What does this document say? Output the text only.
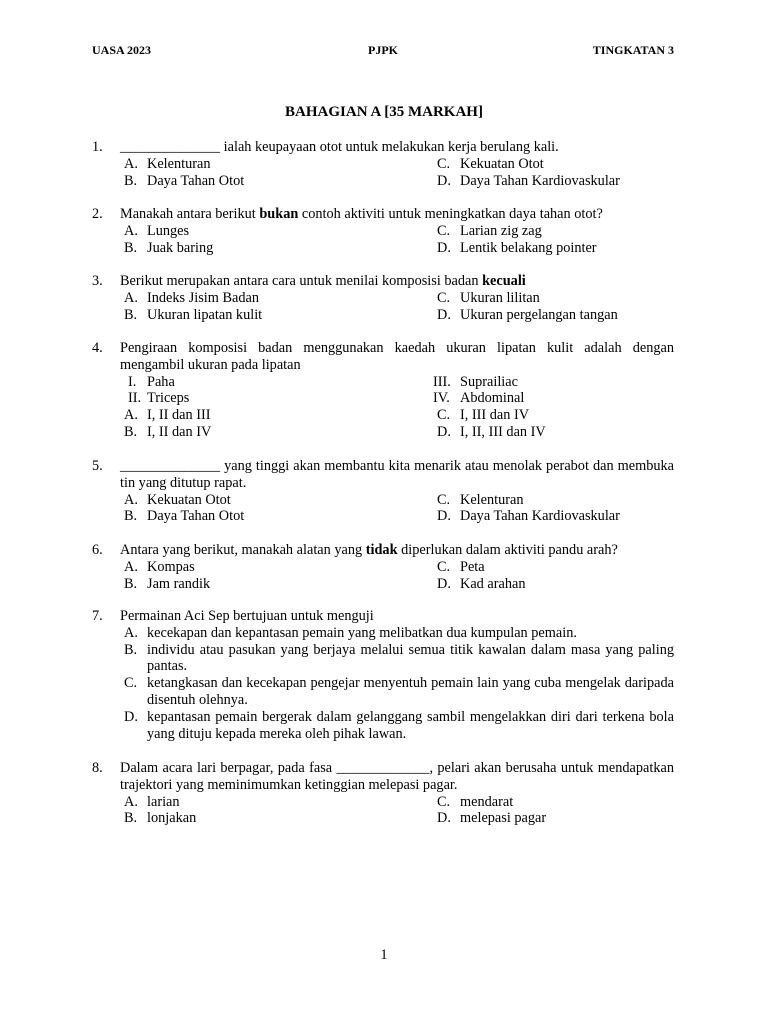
UASA 2023	PJPK	TINGKATAN 3
BAHAGIAN A [35 MARKAH]
1. ______________ ialah keupayaan otot untuk melakukan kerja berulang kali.
A. Kelenturan	C. Kekuatan Otot
B. Daya Tahan Otot	D. Daya Tahan Kardiovaskular
2. Manakah antara berikut bukan contoh aktiviti untuk meningkatkan daya tahan otot?
A. Lunges	C. Larian zig zag
B. Juak baring	D. Lentik belakang pointer
3. Berikut merupakan antara cara untuk menilai komposisi badan kecuali
A. Indeks Jisim Badan	C. Ukuran lilitan
B. Ukuran lipatan kulit	D. Ukuran pergelangan tangan
4. Pengiraan komposisi badan menggunakan kaedah ukuran lipatan kulit adalah dengan mengambil ukuran pada lipatan
I. Paha	III. Suprailiac
II. Triceps	IV. Abdominal
A. I, II dan III	C. I, III dan IV
B. I, II dan IV	D. I, II, III dan IV
5. ______________ yang tinggi akan membantu kita menarik atau menolak perabot dan membuka tin yang ditutup rapat.
A. Kekuatan Otot	C. Kelenturan
B. Daya Tahan Otot	D. Daya Tahan Kardiovaskular
6. Antara yang berikut, manakah alatan yang tidak diperlukan dalam aktiviti pandu arah?
A. Kompas	C. Peta
B. Jam randik	D. Kad arahan
7. Permainan Aci Sep bertujuan untuk menguji
A. kecekapan dan kepantasan pemain yang melibatkan dua kumpulan pemain.
B. individu atau pasukan yang berjaya melalui semua titik kawalan dalam masa yang paling pantas.
C. ketangkasan dan kecekapan pengejar menyentuh pemain lain yang cuba mengelak daripada disentuh olehnya.
D. kepantasan pemain bergerak dalam gelanggang sambil mengelakkan diri dari terkena bola yang dituju kepada mereka oleh pihak lawan.
8. Dalam acara lari berpagar, pada fasa _____________, pelari akan berusaha untuk mendapatkan trajektori yang meminimumkan ketinggian melepasi pagar.
A. larian	C. mendarat
B. lonjakan	D. melepasi pagar
1
